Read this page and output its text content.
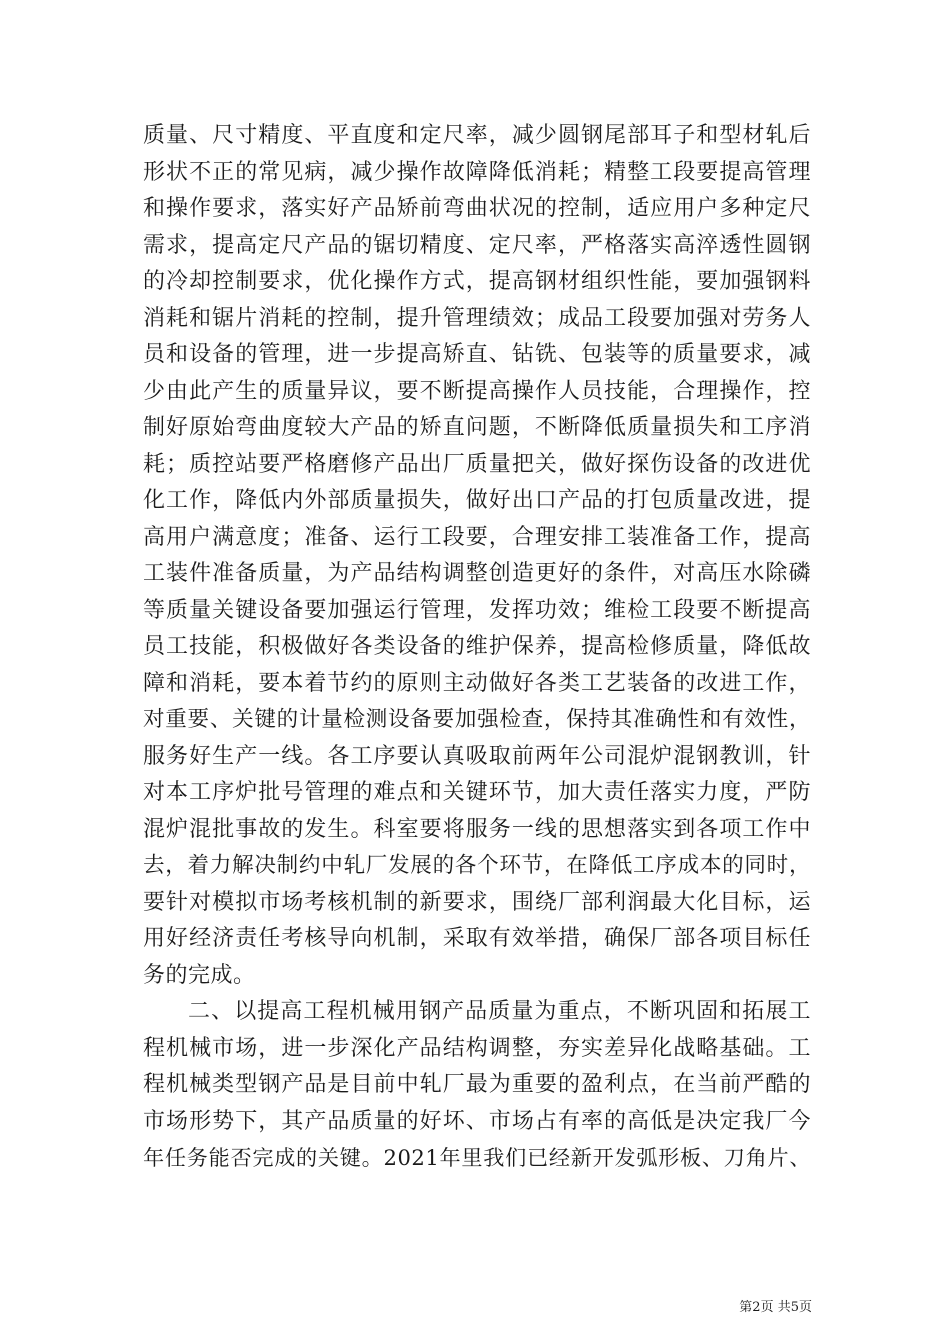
质量、尺寸精度、平直度和定尺率，减少圆钢尾部耳子和型材轧后
形状不正的常见病，减少操作故障降低消耗；精整工段要提高管理
和操作要求，落实好产品矫前弯曲状况的控制，适应用户多种定尺
需求，提高定尺产品的锯切精度、定尺率，严格落实高淬透性圆钢
的冷却控制要求，优化操作方式，提高钢材组织性能，要加强钢料
消耗和锯片消耗的控制，提升管理绩效；成品工段要加强对劳务人
员和设备的管理，进一步提高矫直、钻铣、包装等的质量要求，减
少由此产生的质量异议，要不断提高操作人员技能，合理操作，控
制好原始弯曲度较大产品的矫直问题，不断降低质量损失和工序消
耗；质控站要严格磨修产品出厂质量把关，做好探伤设备的改进优
化工作，降低内外部质量损失，做好出口产品的打包质量改进，提
高用户满意度；准备、运行工段要，合理安排工装准备工作，提高
工装件准备质量，为产品结构调整创造更好的条件，对高压水除磷
等质量关键设备要加强运行管理，发挥功效；维检工段要不断提高
员工技能，积极做好各类设备的维护保养，提高检修质量，降低故
障和消耗，要本着节约的原则主动做好各类工艺装备的改进工作，
对重要、关键的计量检测设备要加强检查，保持其准确性和有效性，
服务好生产一线。各工序要认真吸取前两年公司混炉混钢教训，针
对本工序炉批号管理的难点和关键环节，加大责任落实力度，严防
混炉混批事故的发生。科室要将服务一线的思想落实到各项工作中
去，着力解决制约中轧厂发展的各个环节，在降低工序成本的同时，
要针对模拟市场考核机制的新要求，围绕厂部利润最大化目标，运
用好经济责任考核导向机制，采取有效举措，确保厂部各项目标任
务的完成。
二、以提高工程机械用钢产品质量为重点，不断巩固和拓展工
程机械市场，进一步深化产品结构调整，夯实差异化战略基础。工
程机械类型钢产品是目前中轧厂最为重要的盈利点，在当前严酷的
市场形势下，其产品质量的好坏、市场占有率的高低是决定我厂今
年任务能否完成的关键。2021年里我们已经新开发弧形板、刀角片、
第2页 共5页
